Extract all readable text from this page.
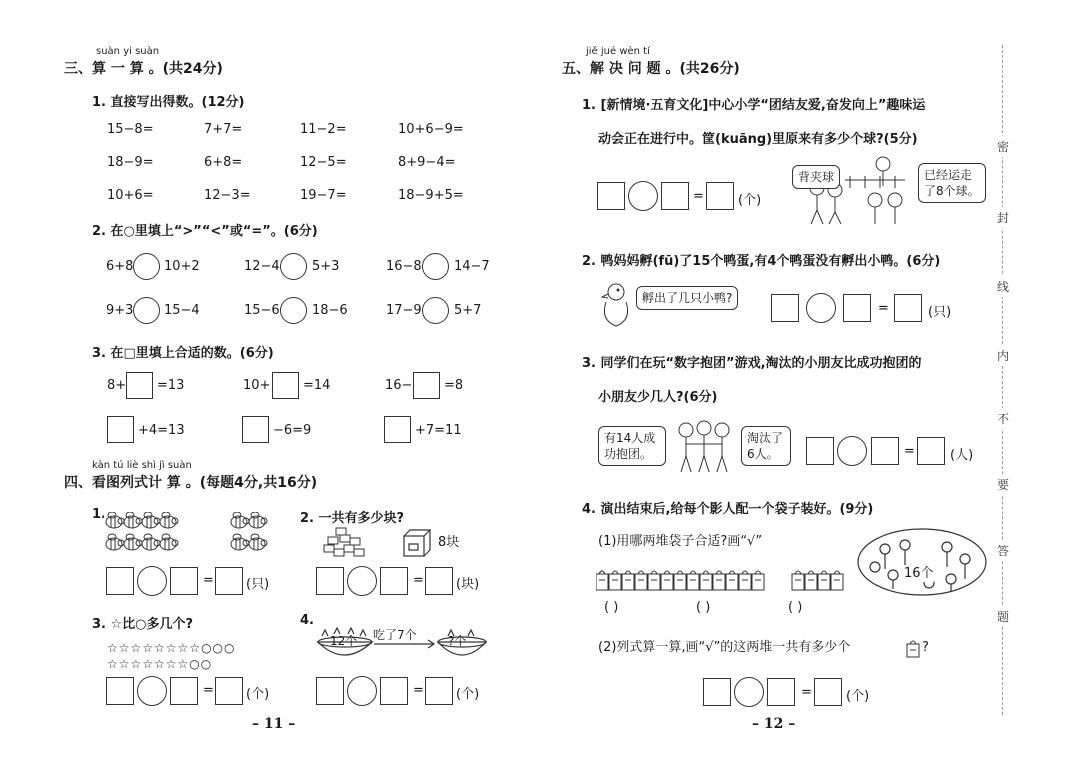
suàn yi suàn
三、算 一 算 。(共24分)
1. 直接写出得数。(12分)
15−8=	7+7=	11−2=	10+6−9=
18−9=	6+8=	12−5=	8+9−4=
10+6=	12−3=	19−7=	18−9+5=
2. 在○里填上“>”“<”或“=”。(6分)
6+8 10+2	12−4 5+3	16−8 14−7
9+3 15−4	15−6 18−6	17−9 5+7
3. 在□里填上合适的数。(6分)
8+ =13	10+	=14	16− =8
+4=13	−6=9	+7=11
kàn tú liè shì jì suàn
四、看图列式计 算 。(每题4分,共16分)
1.
= (只)
2. 一共有多少块?
8块
= (块)
3. ☆比○多几个?
☆☆☆☆☆☆☆☆○○○
☆☆☆☆☆☆☆○○
= (个)
4.
12个 吃了7个	?个
= (个)
– 11 –
jiě jué wèn tí
五、解 决 问 题 。(共26分)
1. [新情境·五育文化]中心小学“团结友爱,奋发向上”趣味运
动会正在进行中。筐(kuāng)里原来有多少个球?(5分)
=	(个)
背夹球	已经运走
了8个球。
2. 鸭妈妈孵(fū)了15个鸭蛋,有4个鸭蛋没有孵出小鸭。(6分)
孵出了几只小鸭?
=	(只)
3. 同学们在玩“数字抱团”游戏,淘汰的小朋友比成功抱团的
小朋友少几人?(6分)
有14人成
功抱团。
淘汰了
6人。	=	(人)
4. 演出结束后,给每个影人配一个袋子装好。(9分)
(1)用哪两堆袋子合适?画“√”
16个
( )	( )	( )
(2)列式算一算,画“√”的这两堆一共有多少个	?
=	(个)
– 12 –
密
封
线
内
不
要
答
题
